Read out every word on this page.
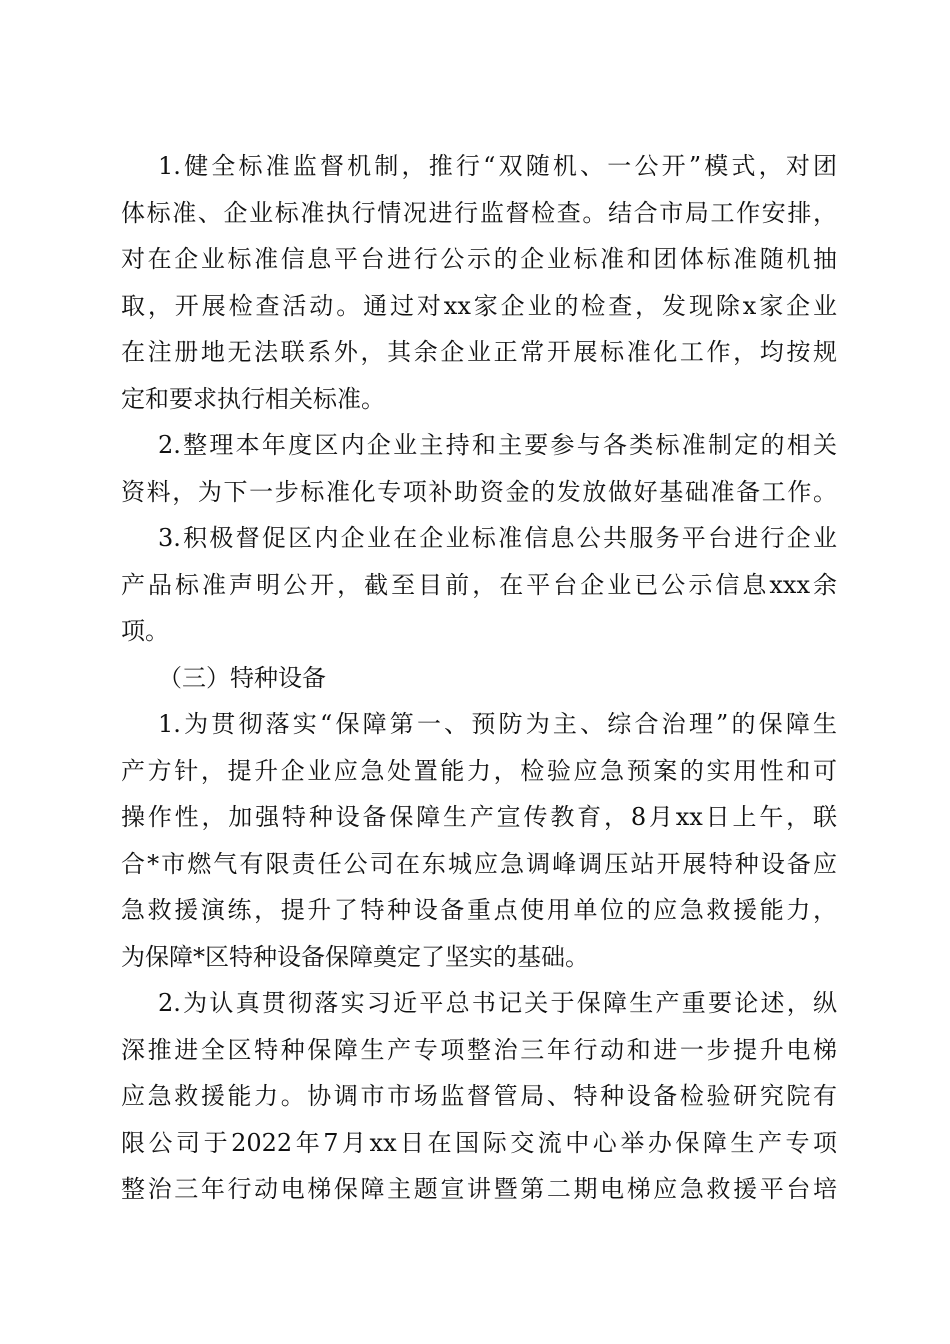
1.健全标准监督机制，推行“双随机、一公开”模式，对团
体标准、企业标准执行情况进行监督检查。结合市局工作安排，
对在企业标准信息平台进行公示的企业标准和团体标准随机抽
取，开展检查活动。通过对xx家企业的检查，发现除x家企业
在注册地无法联系外，其余企业正常开展标准化工作，均按规
定和要求执行相关标准。
2.整理本年度区内企业主持和主要参与各类标准制定的相关
资料，为下一步标准化专项补助资金的发放做好基础准备工作。
3.积极督促区内企业在企业标准信息公共服务平台进行企业
产品标准声明公开，截至目前，在平台企业已公示信息xxx余
项。
（三）特种设备
1.为贯彻落实“保障第一、预防为主、综合治理”的保障生
产方针，提升企业应急处置能力，检验应急预案的实用性和可
操作性，加强特种设备保障生产宣传教育，8月xx日上午，联
合*市燃气有限责任公司在东城应急调峰调压站开展特种设备应
急救援演练，提升了特种设备重点使用单位的应急救援能力，
为保障*区特种设备保障奠定了坚实的基础。
2.为认真贯彻落实习近平总书记关于保障生产重要论述，纵
深推进全区特种保障生产专项整治三年行动和进一步提升电梯
应急救援能力。协调市市场监督管局、特种设备检验研究院有
限公司于2022年7月xx日在国际交流中心举办保障生产专项
整治三年行动电梯保障主题宣讲暨第二期电梯应急救援平台培
